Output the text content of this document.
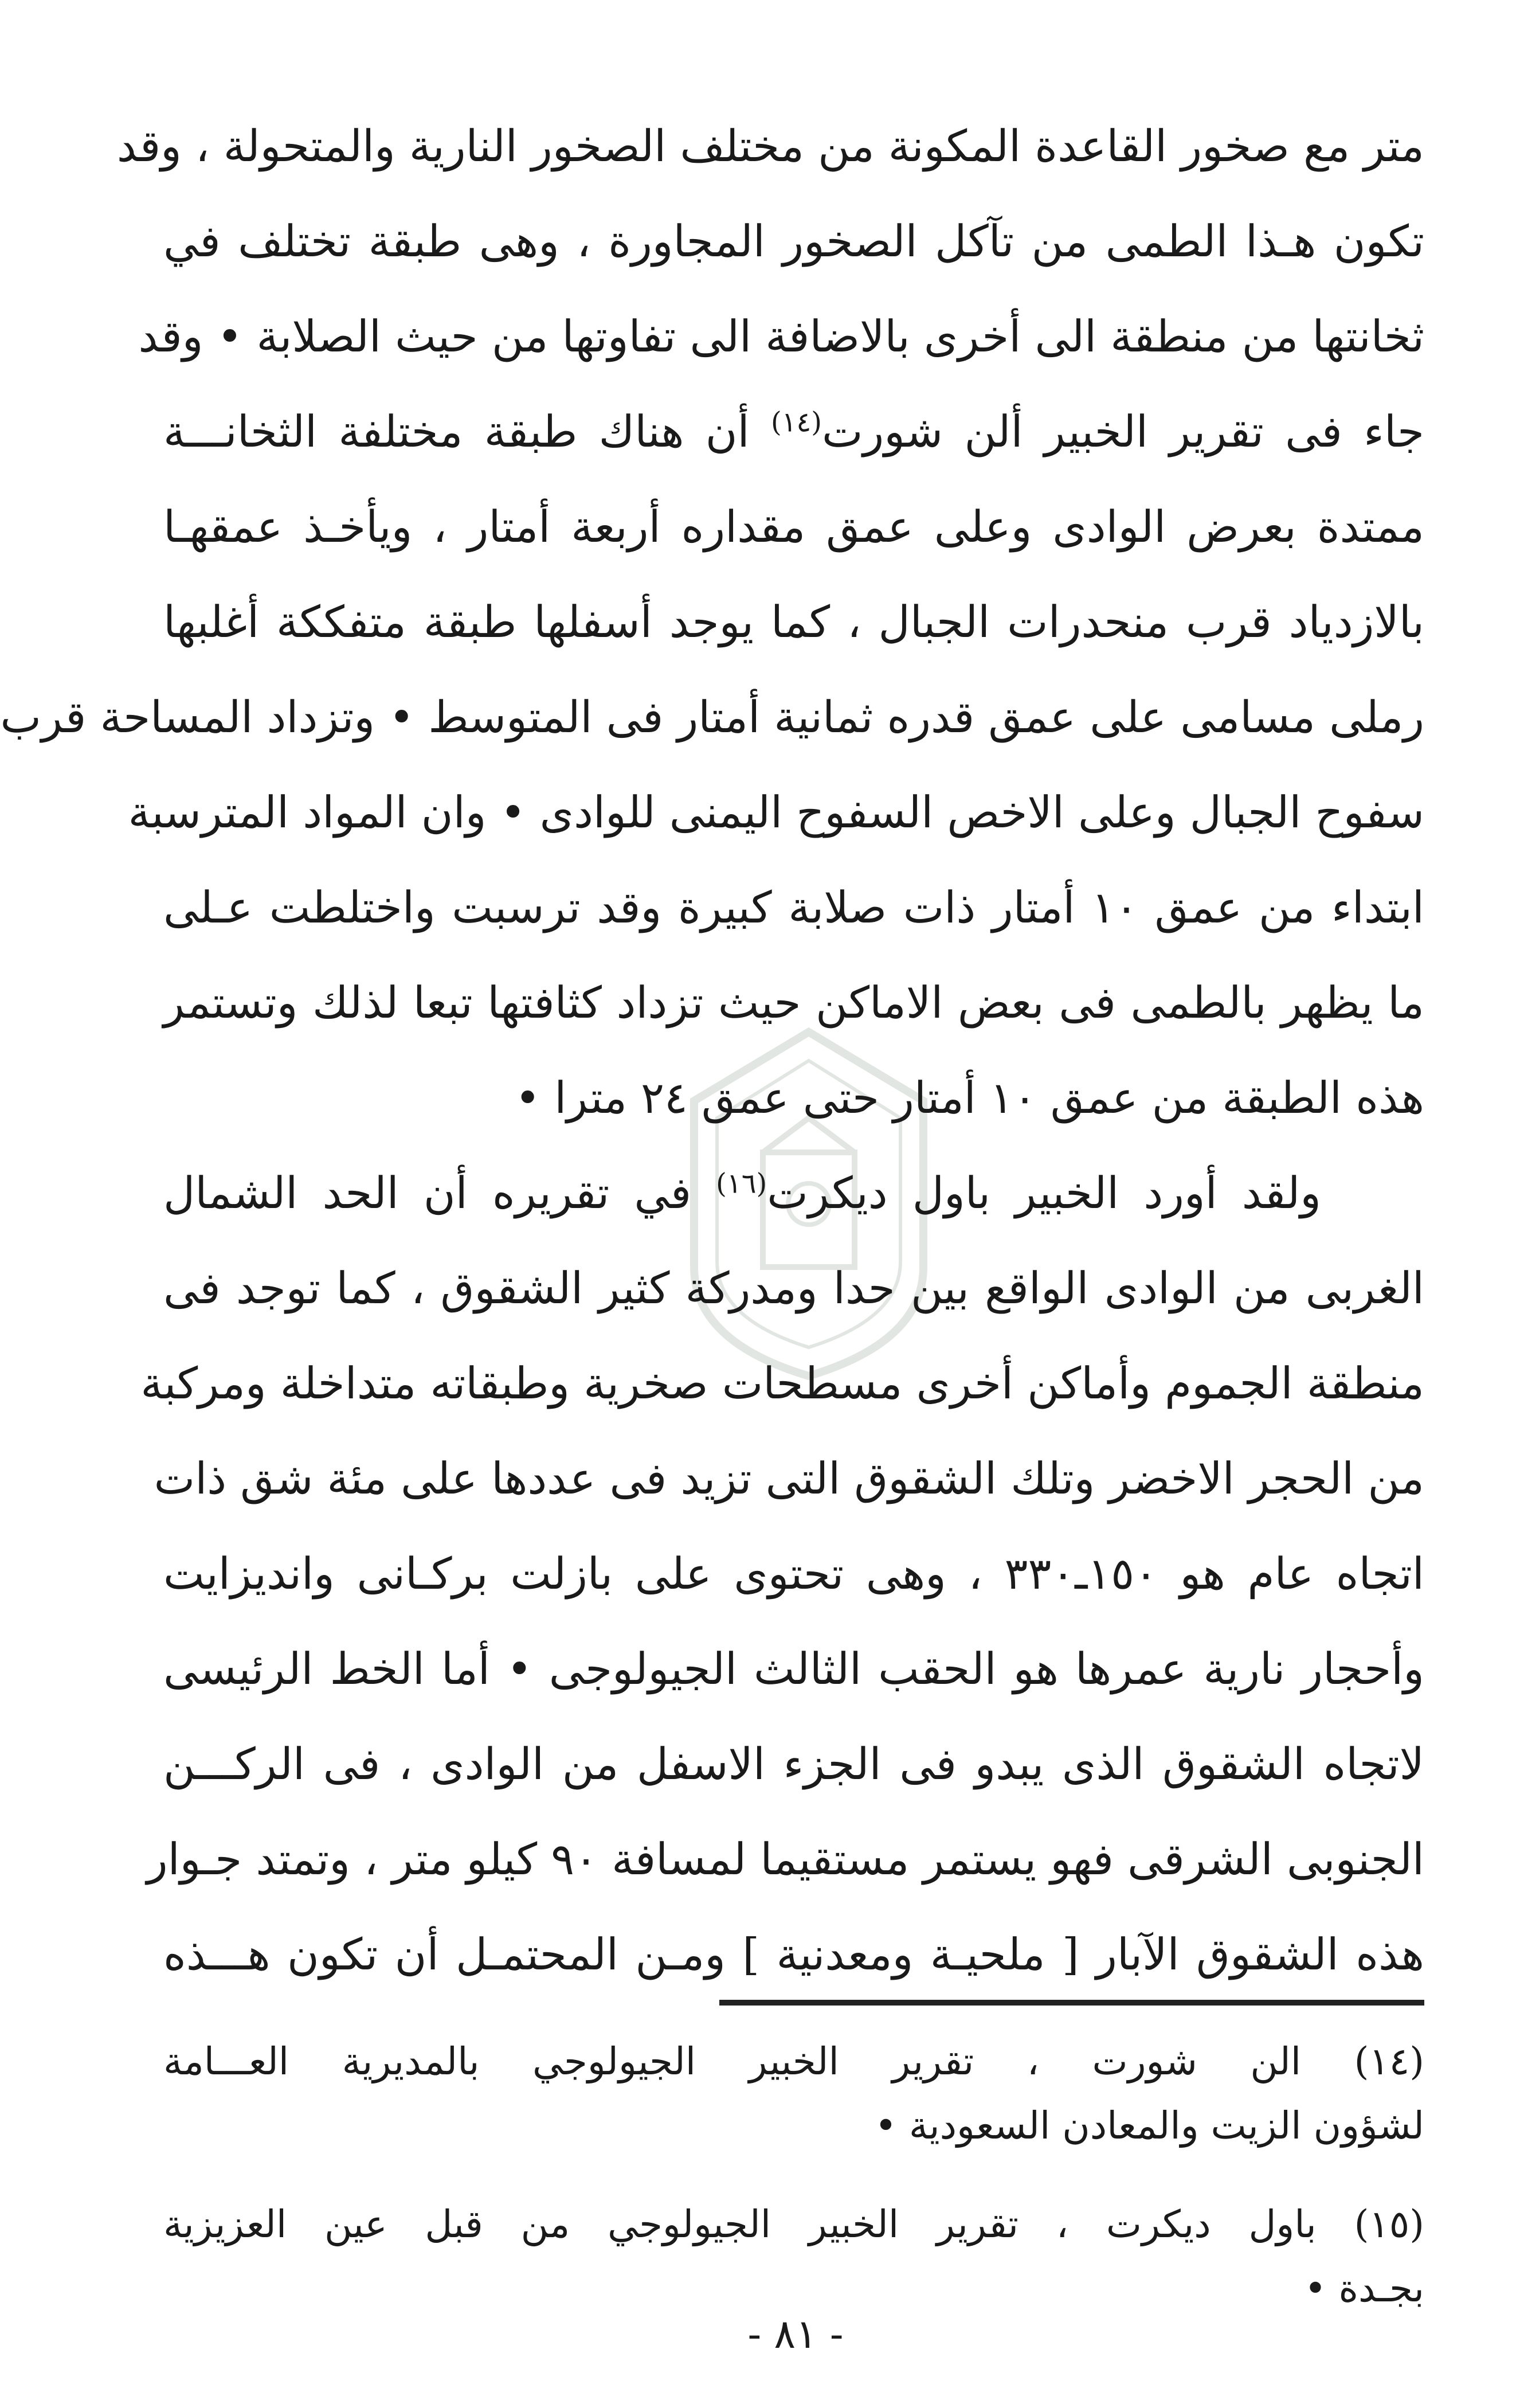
متر مع صخور القاعدة المكونة من مختلف الصخور النارية والمتحولة ، وقد
تكون هـذا الطمى من تآكل الصخور المجاورة ، وهى طبقة تختلف في
ثخانتها من منطقة الى أخرى بالاضافة الى تفاوتها من حيث الصلابة • وقد
جاء فى تقرير الخبير ألن شورت$^{(١٤)}$ أن هناك طبقة مختلفة الثخانـــة
ممتدة بعرض الوادى وعلى عمق مقداره أربعة أمتار ، ويأخـذ عمقهـا
بالازدياد قرب منحدرات الجبال ، كما يوجد أسفلها طبقة متفككة أغلبها
رملى مسامى على عمق قدره ثمانية أمتار فى المتوسط • وتزداد المساحة قرب
سفوح الجبال وعلى الاخص السفوح اليمنى للوادى • وان المواد المترسبة
ابتداء من عمق ١٠ أمتار ذات صلابة كبيرة وقد ترسبت واختلطت عـلى
ما يظهر بالطمى فى بعض الاماكن حيث تزداد كثافتها تبعا لذلك وتستمر
هذه الطبقة من عمق ١٠ أمتار حتى عمق ٢٤ مترا •
ولقد أورد الخبير باول ديكرت$^{(١٦)}$ في تقريره أن الحد الشمال
الغربى من الوادى الواقع بين حدا ومدركة كثير الشقوق ، كما توجد فى
منطقة الجموم وأماكن أخرى مسطحات صخرية وطبقاته متداخلة ومركبة
من الحجر الاخضر وتلك الشقوق التى تزيد فى عددها على مئة شق ذات
اتجاه عام هو ١٥٠ـ٣٣٠ ، وهى تحتوى على بازلت بركـانى واندیزایت
وأحجار نارية عمرها هو الحقب الثالث الجيولوجى • أما الخط الرئيسى
لاتجاه الشقوق الذى يبدو فى الجزء الاسفل من الوادى ، فى الركـــن
الجنوبى الشرقى فهو يستمر مستقيما لمسافة ٩٠ كيلو متر ، وتمتد جـوار
هذه الشقوق الآبار [ ملحيـة ومعدنية ] ومـن المحتمـل أن تكون هـــذه
(١٤) الن شورت ، تقرير الخبير الجيولوجي بالمديرية العـــامة
لشؤون الزيت والمعادن السعودية •
(١٥) باول ديكرت ، تقرير الخبير الجيولوجي من قبل عين العزيزية
بجـدة •
- ٨١ -
